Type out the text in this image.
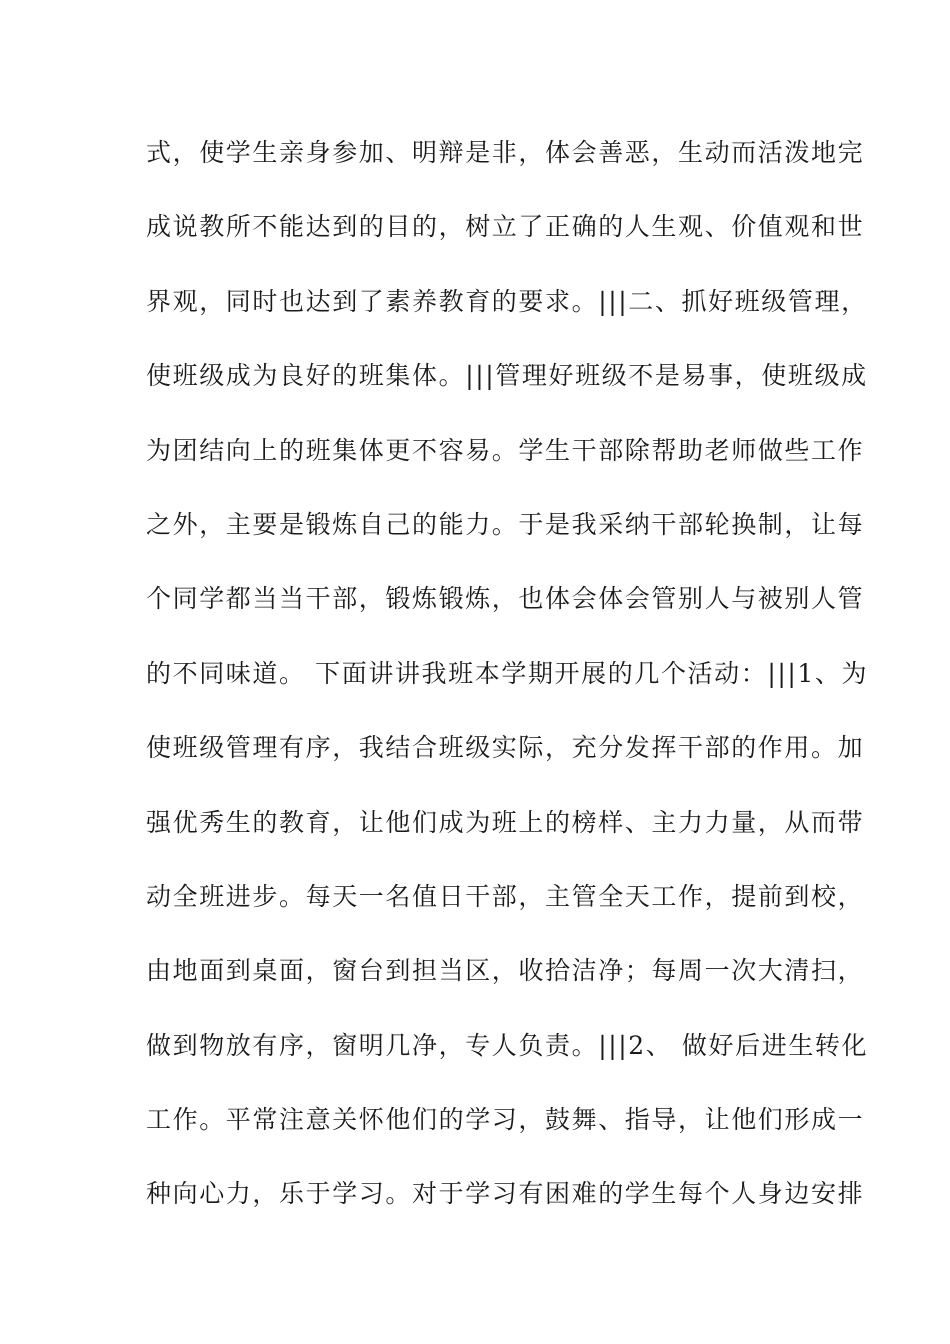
式，使学生亲身参加、明辩是非，体会善恶，生动而活泼地完
成说教所不能达到的目的，树立了正确的人生观、价值观和世
界观，同时也达到了素养教育的要求。|||二、抓好班级管理，
使班级成为良好的班集体。|||管理好班级不是易事，使班级成
为团结向上的班集体更不容易。学生干部除帮助老师做些工作
之外，主要是锻炼自己的能力。于是我采纳干部轮换制，让每
个同学都当当干部，锻炼锻炼，也体会体会管别人与被别人管
的不同味道。 下面讲讲我班本学期开展的几个活动：|||1、为
使班级管理有序，我结合班级实际，充分发挥干部的作用。加
强优秀生的教育，让他们成为班上的榜样、主力力量，从而带
动全班进步。每天一名值日干部，主管全天工作，提前到校，
由地面到桌面，窗台到担当区，收拾洁净；每周一次大清扫，
做到物放有序，窗明几净，专人负责。|||2、 做好后进生转化
工作。平常注意关怀他们的学习，鼓舞、指导，让他们形成一
种向心力，乐于学习。对于学习有困难的学生每个人身边安排
